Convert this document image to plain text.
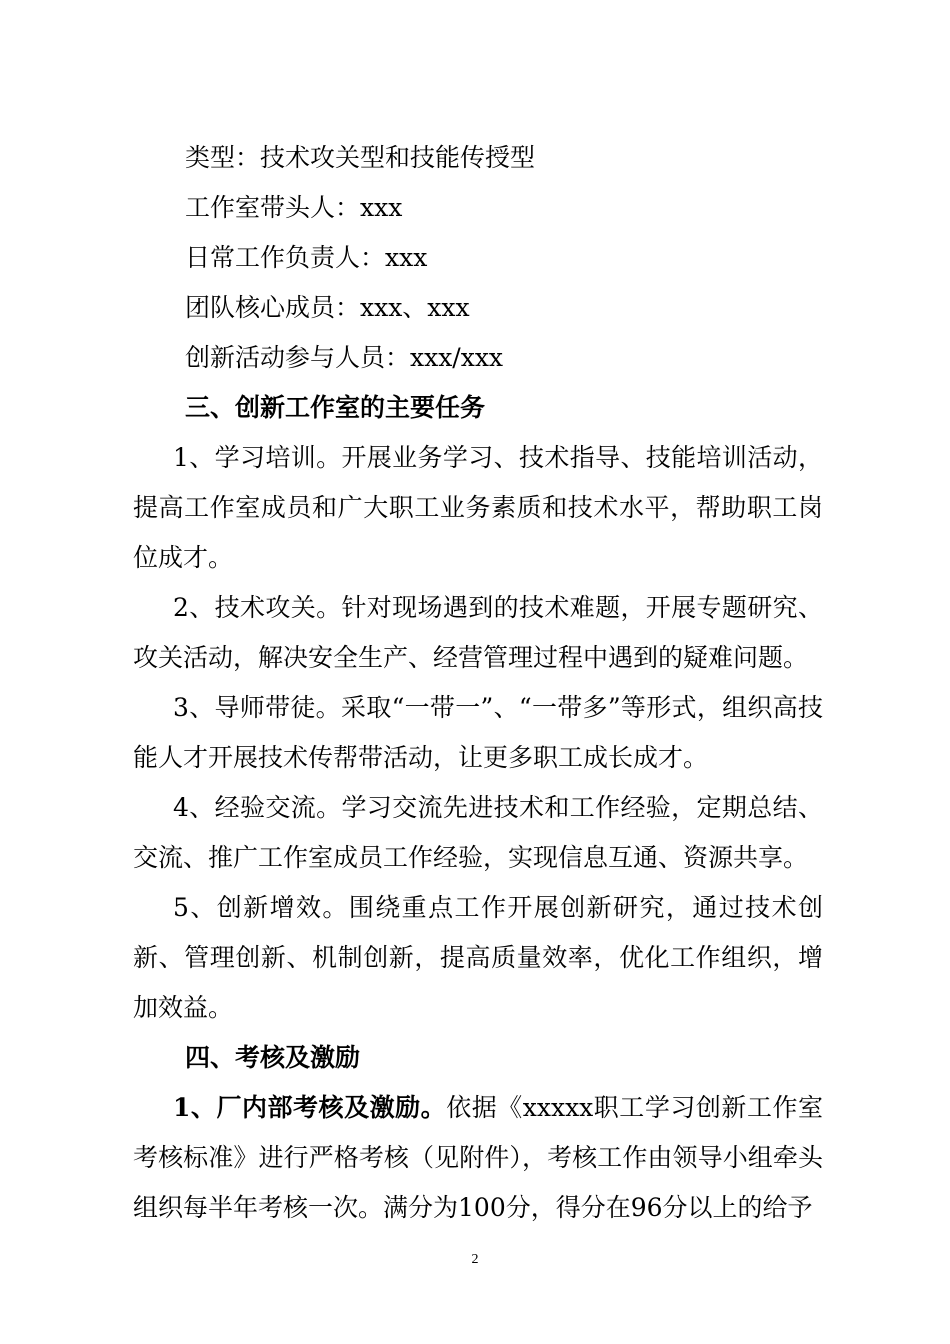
类型：技术攻关型和技能传授型
工作室带头人：xxx
日常工作负责人：xxx
团队核心成员：xxx、xxx
创新活动参与人员：xxx/xxx
三、创新工作室的主要任务

1、学习培训。开展业务学习、技术指导、技能培训活动，提高工作室成员和广大职工业务素质和技术水平，帮助职工岗位成才。

2、技术攻关。针对现场遇到的技术难题，开展专题研究、攻关活动，解决安全生产、经营管理过程中遇到的疑难问题。

3、导师带徒。采取“一带一”、“一带多”等形式，组织高技能人才开展技术传帮带活动，让更多职工成长成才。

4、经验交流。学习交流先进技术和工作经验，定期总结、交流、推广工作室成员工作经验，实现信息互通、资源共享。

5、创新增效。围绕重点工作开展创新研究，通过技术创新、管理创新、机制创新，提高质量效率，优化工作组织，增加效益。

四、考核及激励

1、厂内部考核及激励。依据《xxxxx职工学习创新工作室考核标准》进行严格考核（见附件），考核工作由领导小组牵头组织每半年考核一次。满分为100分，得分在96分以上的给予

2
